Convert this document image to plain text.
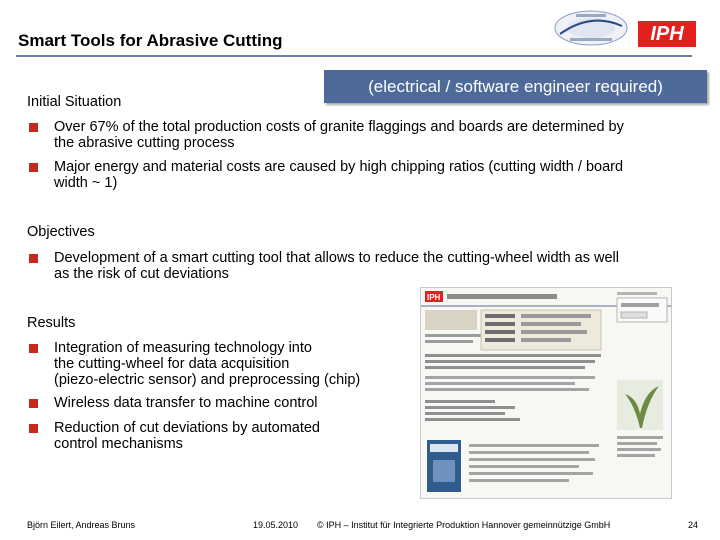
Smart Tools for Abrasive Cutting	IPH
(electrical / software engineer required)
Initial Situation
Over 67% of the total production costs of granite flaggings and boards are determined by
the abrasive cutting process
Major energy and material costs are caused by high chipping ratios (cutting width / board
width ~ 1)
Objectives
Development of a smart cutting tool that allows to reduce the cutting-wheel width as well
as the risk of cut deviations
Results
Integration of measuring technology into
the cutting-wheel for data acquisition
(piezo-electric sensor) and preprocessing (chip)
Wireless data transfer to machine control
Reduction of cut deviations by automated
control mechanisms
IPH
Björn Eilert, Andreas Bruns	19.05.2010 © IPH – Institut für Integrierte Produktion Hannover gemeinnützige GmbH	24
